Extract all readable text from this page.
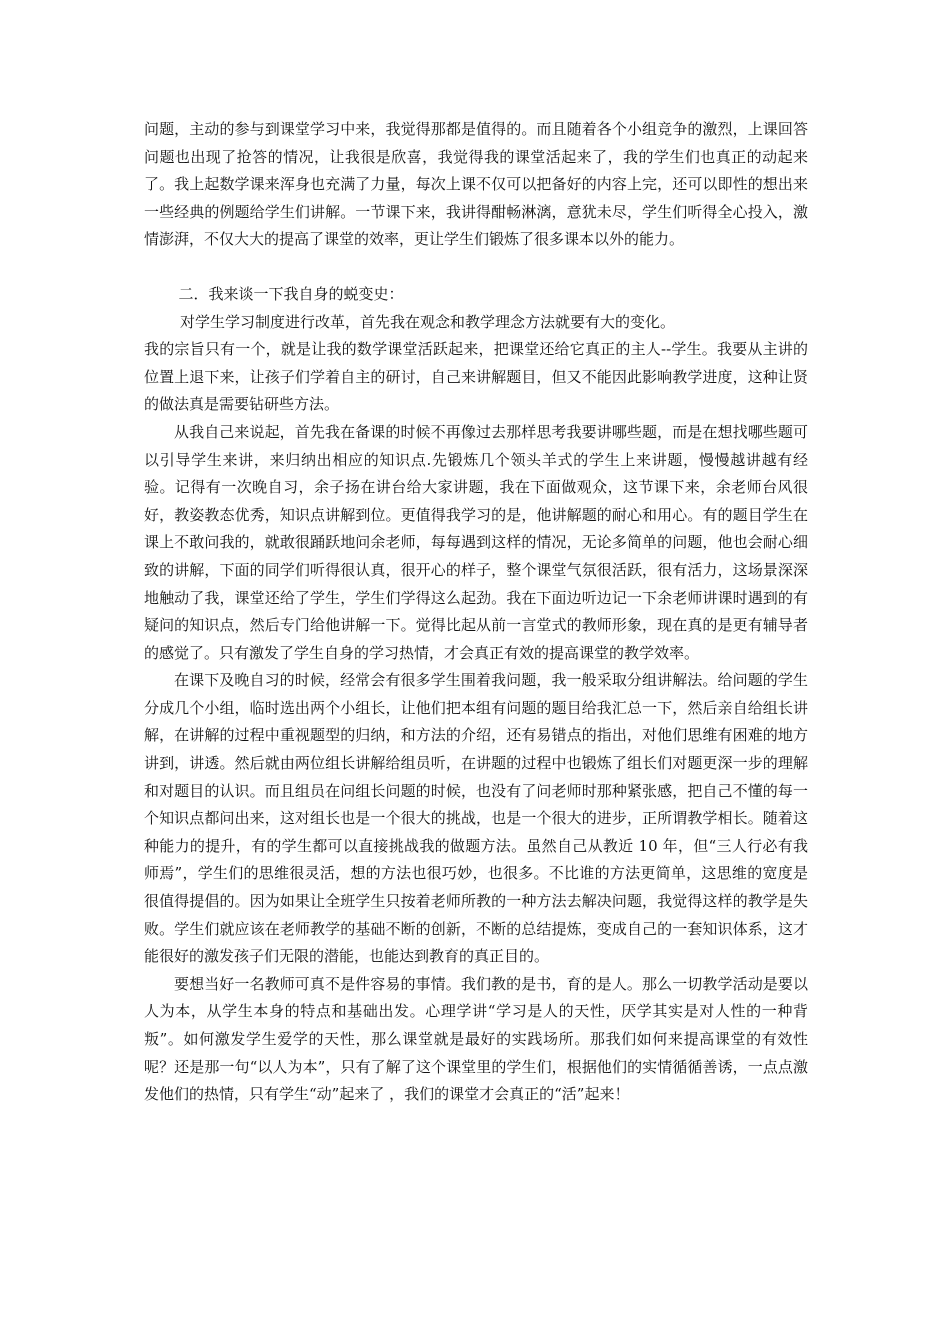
问题，主动的参与到课堂学习中来，我觉得那都是值得的。而且随着各个小组竞争的激烈，上课回答问题也出现了抢答的情况，让我很是欣喜，我觉得我的课堂活起来了，我的学生们也真正的动起来了。我上起数学课来浑身也充满了力量，每次上课不仅可以把备好的内容上完，还可以即性的想出来一些经典的例题给学生们讲解。一节课下来，我讲得酣畅淋漓，意犹未尽，学生们听得全心投入，激情澎湃，不仅大大的提高了课堂的效率，更让学生们锻炼了很多课本以外的能力。

二．我来谈一下我自身的蜕变史：

对学生学习制度进行改革，首先我在观念和教学理念方法就要有大的变化。

我的宗旨只有一个，就是让我的数学课堂活跃起来，把课堂还给它真正的主人--学生。我要从主讲的位置上退下来，让孩子们学着自主的研讨，自己来讲解题目，但又不能因此影响教学进度，这种让贤的做法真是需要钻研些方法。

从我自己来说起，首先我在备课的时候不再像过去那样思考我要讲哪些题，而是在想找哪些题可以引导学生来讲，来归纳出相应的知识点.先锻炼几个领头羊式的学生上来讲题，慢慢越讲越有经验。记得有一次晚自习，余子扬在讲台给大家讲题，我在下面做观众，这节课下来，余老师台风很好，教姿教态优秀，知识点讲解到位。更值得我学习的是，他讲解题的耐心和用心。有的题目学生在课上不敢问我的，就敢很踊跃地问余老师，每每遇到这样的情况，无论多简单的问题，他也会耐心细致的讲解，下面的同学们听得很认真，很开心的样子，整个课堂气氛很活跃，很有活力，这场景深深地触动了我，课堂还给了学生，学生们学得这么起劲。我在下面边听边记一下余老师讲课时遇到的有疑问的知识点，然后专门给他讲解一下。觉得比起从前一言堂式的教师形象，现在真的是更有辅导者的感觉了。只有激发了学生自身的学习热情，才会真正有效的提高课堂的教学效率。

在课下及晚自习的时候，经常会有很多学生围着我问题，我一般采取分组讲解法。给问题的学生分成几个小组，临时选出两个小组长，让他们把本组有问题的题目给我汇总一下，然后亲自给组长讲解，在讲解的过程中重视题型的归纳，和方法的介绍，还有易错点的指出，对他们思维有困难的地方讲到，讲透。然后就由两位组长讲解给组员听，在讲题的过程中也锻炼了组长们对题更深一步的理解和对题目的认识。而且组员在问组长问题的时候，也没有了问老师时那种紧张感，把自己不懂的每一个知识点都问出来，这对组长也是一个很大的挑战，也是一个很大的进步，正所谓教学相长。随着这种能力的提升，有的学生都可以直接挑战我的做题方法。虽然自己从教近 10 年，但“三人行必有我师焉”，学生们的思维很灵活，想的方法也很巧妙，也很多。不比谁的方法更简单，这思维的宽度是很值得提倡的。因为如果让全班学生只按着老师所教的一种方法去解决问题，我觉得这样的教学是失败。学生们就应该在老师教学的基础不断的创新，不断的总结提炼，变成自己的一套知识体系，这才能很好的激发孩子们无限的潜能，也能达到教育的真正目的。

要想当好一名教师可真不是件容易的事情。我们教的是书，育的是人。那么一切教学活动是要以人为本，从学生本身的特点和基础出发。心理学讲“学习是人的天性，厌学其实是对人性的一种背叛”。如何激发学生爱学的天性，那么课堂就是最好的实践场所。那我们如何来提高课堂的有效性呢？还是那一句“以人为本”，只有了解了这个课堂里的学生们，根据他们的实情循循善诱，一点点激发他们的热情，只有学生“动”起来了 ，我们的课堂才会真正的“活”起来！
